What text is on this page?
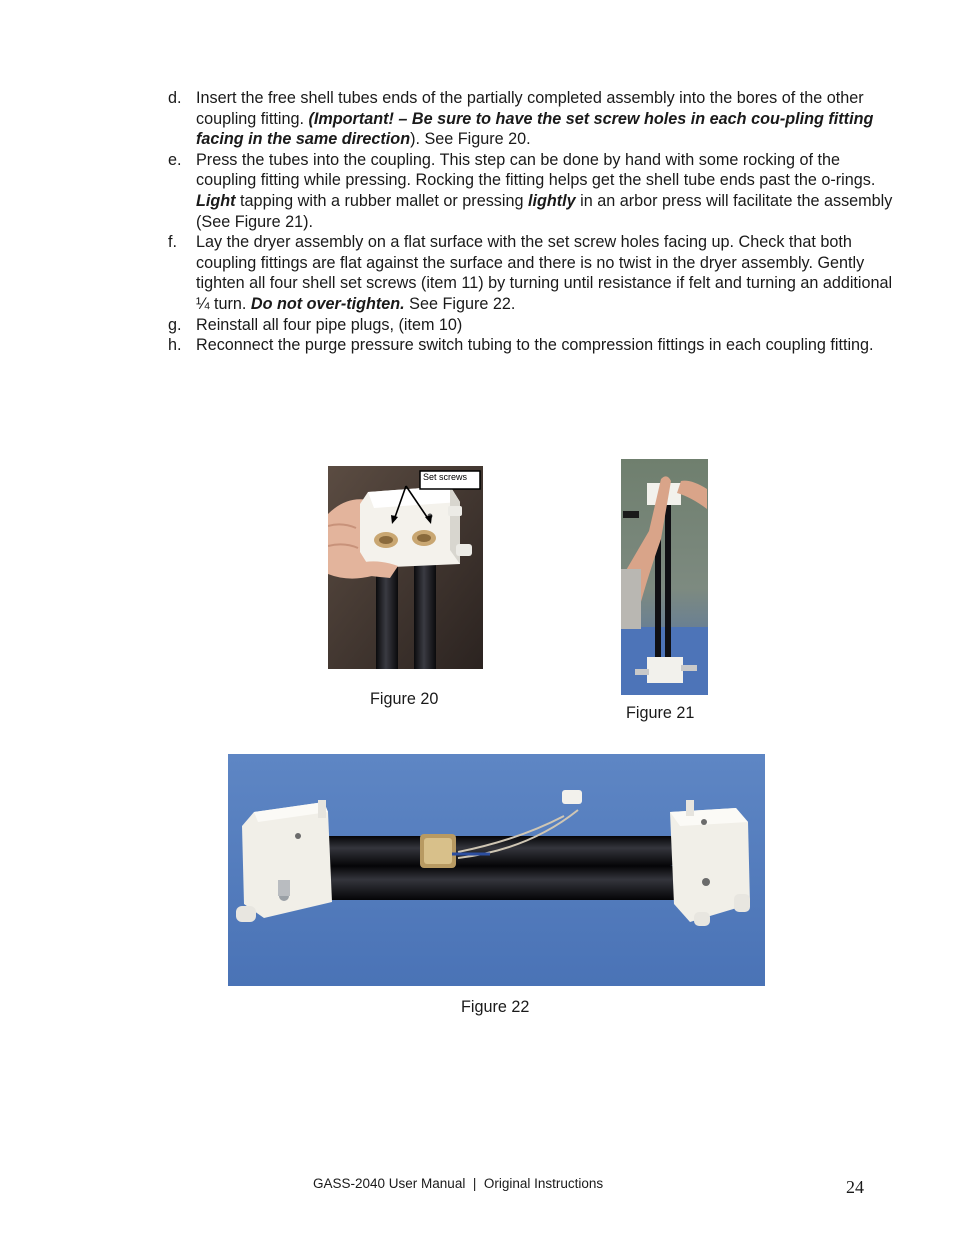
d. Insert the free shell tubes ends of the partially completed assembly into the bores of the other coupling fitting. (Important! – Be sure to have the set screw holes in each cou-pling fitting facing in the same direction). See Figure 20.
e. Press the tubes into the coupling. This step can be done by hand with some rocking of the coupling fitting while pressing. Rocking the fitting helps get the shell tube ends past the o-rings. Light tapping with a rubber mallet or pressing lightly in an arbor press will facilitate the assembly (See Figure 21).
f.	Lay the dryer assembly on a flat surface with the set screw holes facing up. Check that both coupling fittings are flat against the surface and there is no twist in the dryer assembly. Gently tighten all four shell set screws (item 11) by turning until resistance if felt and turning an additional ¼ turn. Do not over-tighten. See Figure 22.
g. Reinstall all four pipe plugs, (item 10)
h. Reconnect the purge pressure switch tubing to the compression fittings in each coupling fitting.
Set screws
Figure 20
Figure 21
Figure 22
GASS-2040 User Manual  |  Original Instructions	24
